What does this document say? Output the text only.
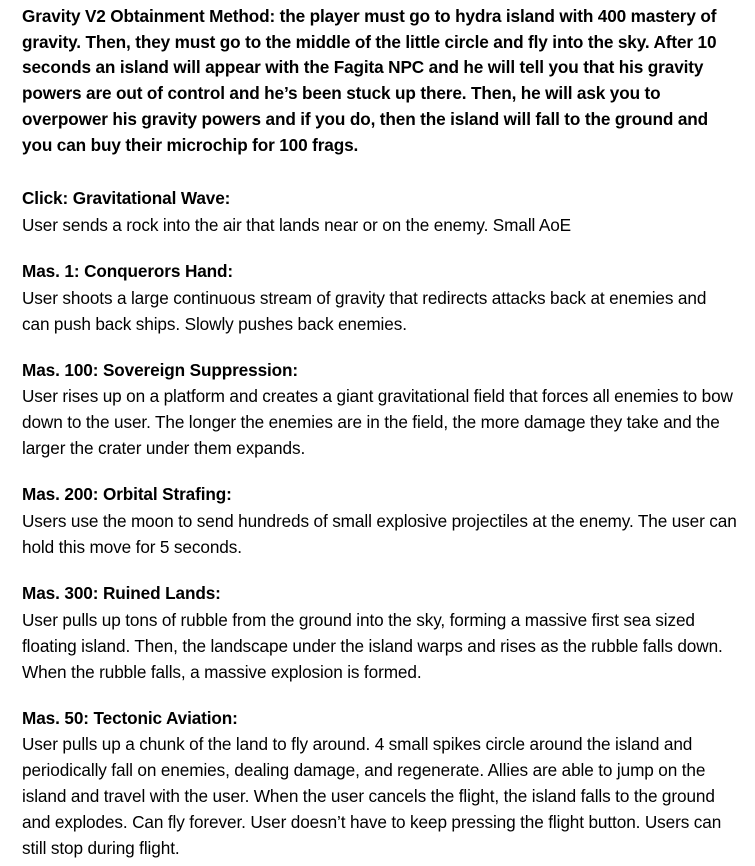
Gravity V2 Obtainment Method: the player must go to hydra island with 400 mastery of gravity. Then, they must go to the middle of the little circle and fly into the sky. After 10 seconds an island will appear with the Fagita NPC and he will tell you that his gravity powers are out of control and he’s been stuck up there. Then, he will ask you to overpower his gravity powers and if you do, then the island will fall to the ground and you can buy their microchip for 100 frags.

Click: Gravitational Wave:

User sends a rock into the air that lands near or on the enemy. Small AoE

Mas. 1: Conquerors Hand:

User shoots a large continuous stream of gravity that redirects attacks back at enemies and can push back ships. Slowly pushes back enemies.

Mas. 100: Sovereign Suppression:

User rises up on a platform and creates a giant gravitational field that forces all enemies to bow down to the user. The longer the enemies are in the field, the more damage they take and the larger the crater under them expands.

Mas. 200: Orbital Strafing:

Users use the moon to send hundreds of small explosive projectiles at the enemy. The user can hold this move for 5 seconds.

Mas. 300: Ruined Lands:

User pulls up tons of rubble from the ground into the sky, forming a massive first sea sized floating island. Then, the landscape under the island warps and rises as the rubble falls down. When the rubble falls, a massive explosion is formed.

Mas. 50: Tectonic Aviation:

User pulls up a chunk of the land to fly around. 4 small spikes circle around the island and periodically fall on enemies, dealing damage, and regenerate. Allies are able to jump on the island and travel with the user. When the user cancels the flight, the island falls to the ground and explodes. Can fly forever. User doesn’t have to keep pressing the flight button. Users can still stop during flight.
